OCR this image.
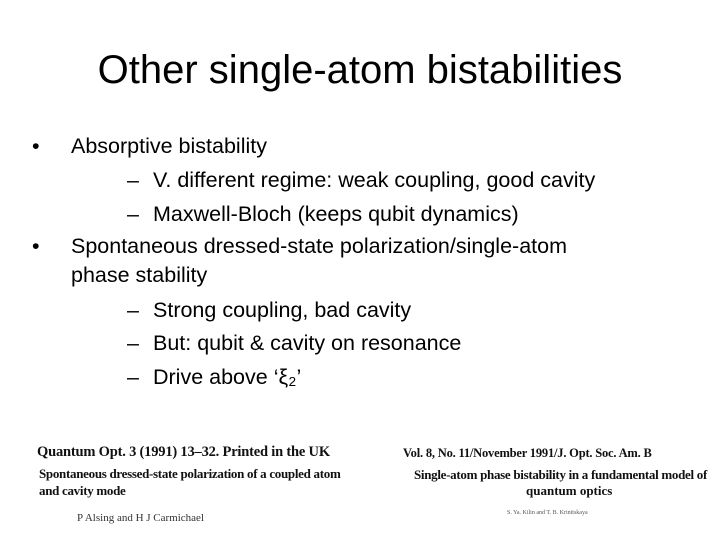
Other single-atom bistabilities
• Absorptive bistability
– V. different regime: weak coupling, good cavity
– Maxwell-Bloch (keeps qubit dynamics)
• Spontaneous dressed-state polarization/single-atom
phase stability
– Strong coupling, bad cavity
– But: qubit & cavity on resonance
– Drive above ‘ξ₂’
Quantum Opt. 3 (1991) 13–32. Printed in the UK
Spontaneous dressed-state polarization of a coupled atom
and cavity mode
P Alsing and H J Carmichael
Vol. 8, No. 11/November 1991/J. Opt. Soc. Am. B
Single-atom phase bistability in a fundamental model of
quantum optics
S. Ya. Kilin and T. B. Krinitskaya
